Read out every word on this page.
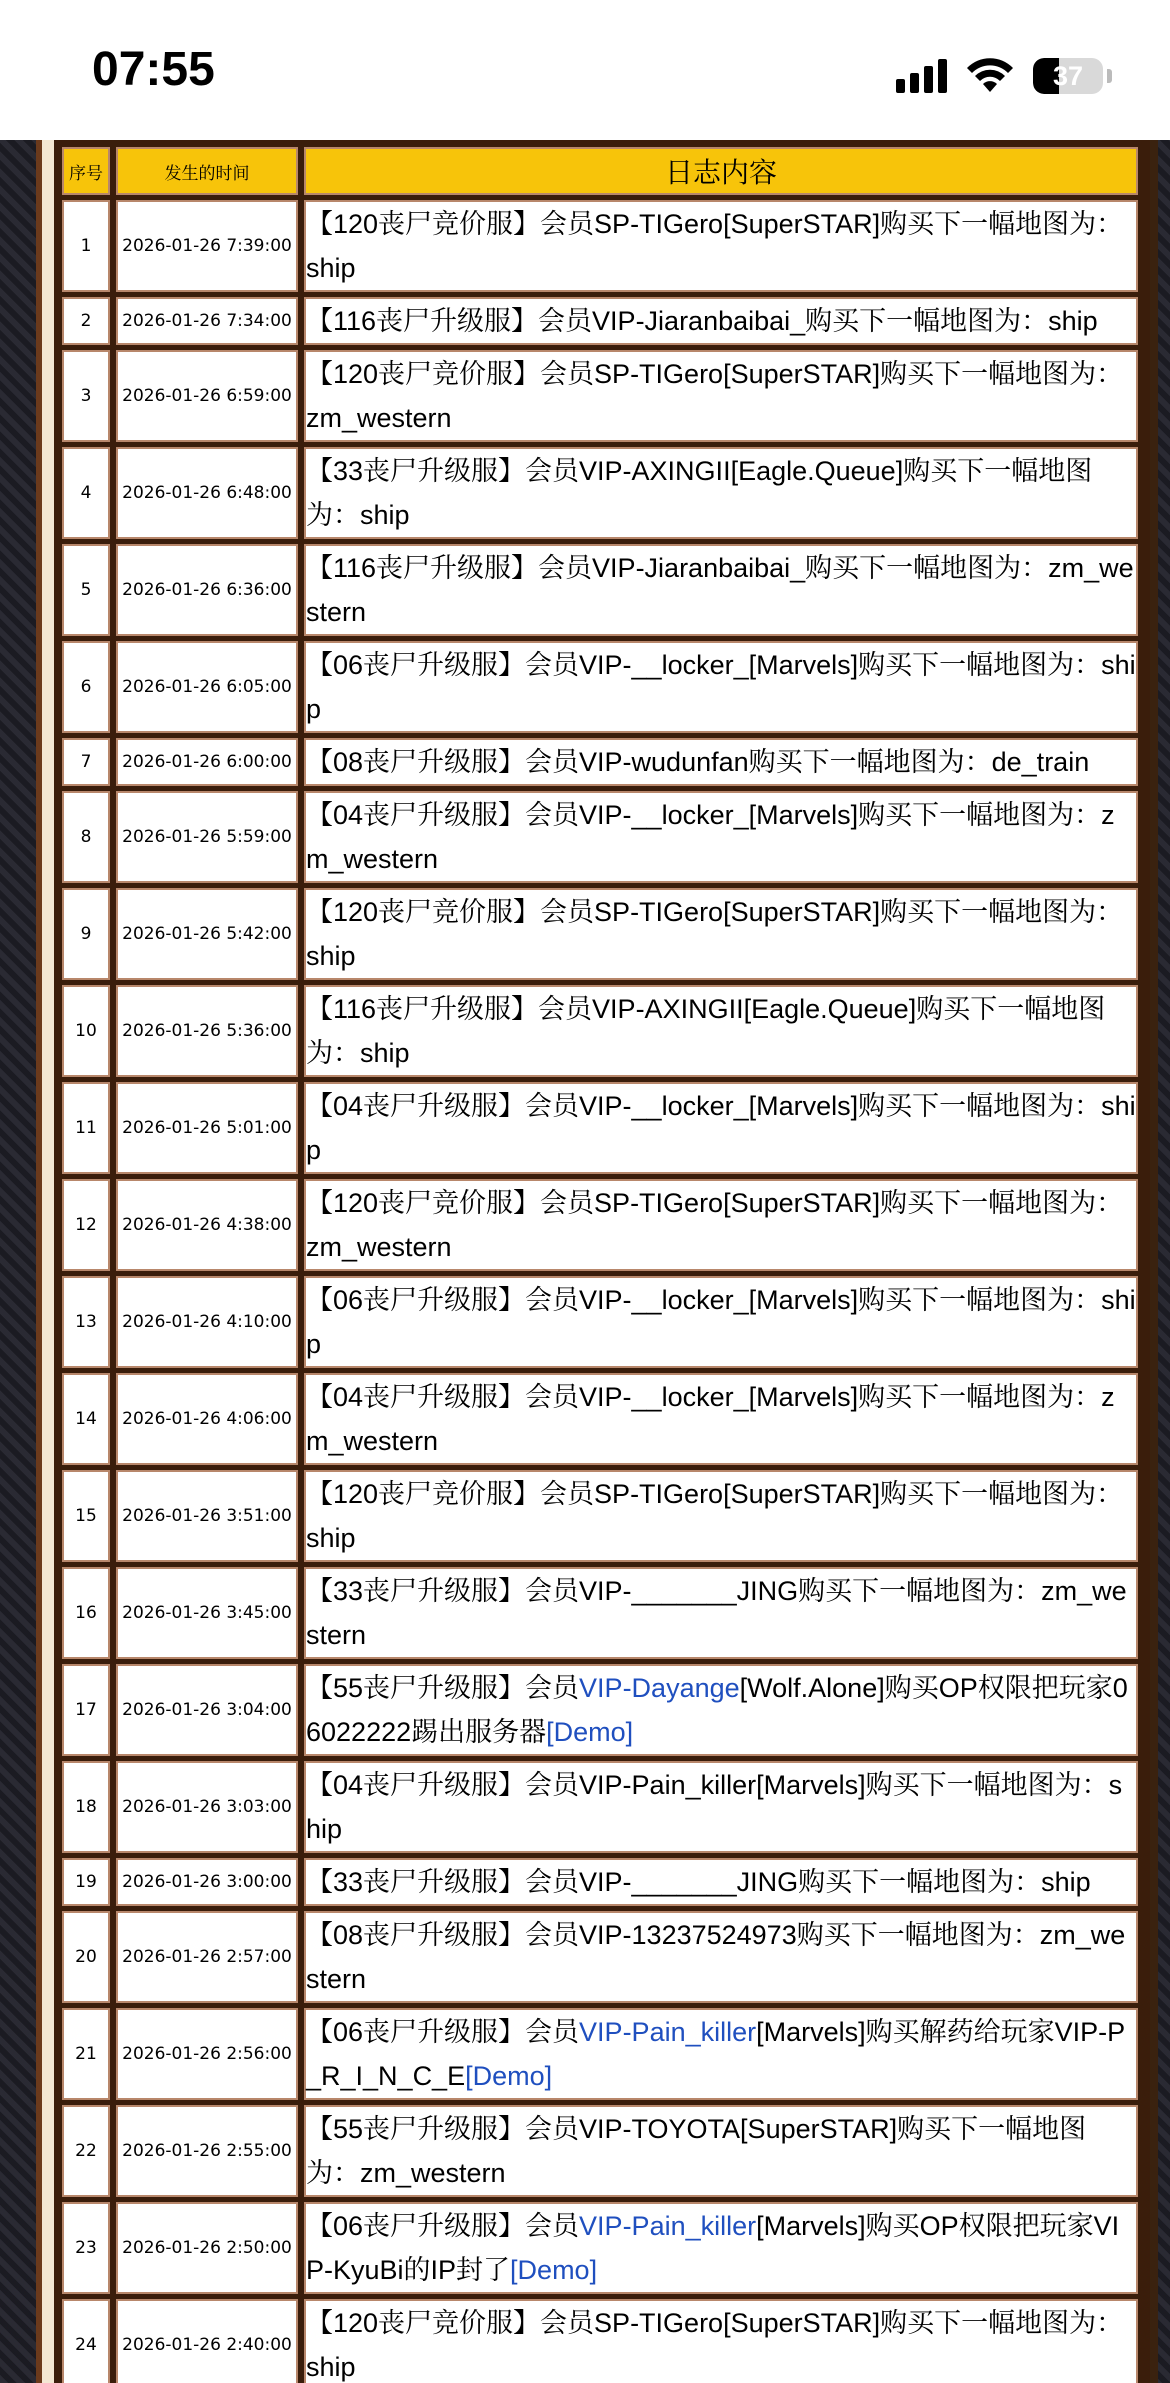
07:55	37
序号	发生的时间	日志内容
1	2026-01-26 7:39:00	【120丧尸竞价服】会员SP-TIGero[SuperSTAR]购买下一幅地图为：ship
2	2026-01-26 7:34:00	【116丧尸升级服】会员VIP-Jiaranbaibai_购买下一幅地图为：ship
3	2026-01-26 6:59:00	【120丧尸竞价服】会员SP-TIGero[SuperSTAR]购买下一幅地图为：zm_western
4	2026-01-26 6:48:00	【33丧尸升级服】会员VIP-AXINGII[Eagle.Queue]购买下一幅地图为：ship
5	2026-01-26 6:36:00	【116丧尸升级服】会员VIP-Jiaranbaibai_购买下一幅地图为：zm_western
6	2026-01-26 6:05:00	【06丧尸升级服】会员VIP-__locker_[Marvels]购买下一幅地图为：ship
7	2026-01-26 6:00:00	【08丧尸升级服】会员VIP-wudunfan购买下一幅地图为：de_train
8	2026-01-26 5:59:00	【04丧尸升级服】会员VIP-__locker_[Marvels]购买下一幅地图为：zm_western
9	2026-01-26 5:42:00	【120丧尸竞价服】会员SP-TIGero[SuperSTAR]购买下一幅地图为：ship
10	2026-01-26 5:36:00	【116丧尸升级服】会员VIP-AXINGII[Eagle.Queue]购买下一幅地图为：ship
11	2026-01-26 5:01:00	【04丧尸升级服】会员VIP-__locker_[Marvels]购买下一幅地图为：ship
12	2026-01-26 4:38:00	【120丧尸竞价服】会员SP-TIGero[SuperSTAR]购买下一幅地图为：zm_western
13	2026-01-26 4:10:00	【06丧尸升级服】会员VIP-__locker_[Marvels]购买下一幅地图为：ship
14	2026-01-26 4:06:00	【04丧尸升级服】会员VIP-__locker_[Marvels]购买下一幅地图为：zm_western
15	2026-01-26 3:51:00	【120丧尸竞价服】会员SP-TIGero[SuperSTAR]购买下一幅地图为：ship
16	2026-01-26 3:45:00	【33丧尸升级服】会员VIP-_______JING购买下一幅地图为：zm_western
17	2026-01-26 3:04:00	【55丧尸升级服】会员VIP-Dayange[Wolf.Alone]购买OP权限把玩家06022222踢出服务器[Demo]
18	2026-01-26 3:03:00	【04丧尸升级服】会员VIP-Pain_killer[Marvels]购买下一幅地图为：ship
19	2026-01-26 3:00:00	【33丧尸升级服】会员VIP-_______JING购买下一幅地图为：ship
20	2026-01-26 2:57:00	【08丧尸升级服】会员VIP-13237524973购买下一幅地图为：zm_western
21	2026-01-26 2:56:00	【06丧尸升级服】会员VIP-Pain_killer[Marvels]购买解药给玩家VIP-P_R_I_N_C_E[Demo]
22	2026-01-26 2:55:00	【55丧尸升级服】会员VIP-TOYOTA[SuperSTAR]购买下一幅地图为：zm_western
23	2026-01-26 2:50:00	【06丧尸升级服】会员VIP-Pain_killer[Marvels]购买OP权限把玩家VIP-KyuBi的IP封了[Demo]
24	2026-01-26 2:40:00	【120丧尸竞价服】会员SP-TIGero[SuperSTAR]购买下一幅地图为：ship
